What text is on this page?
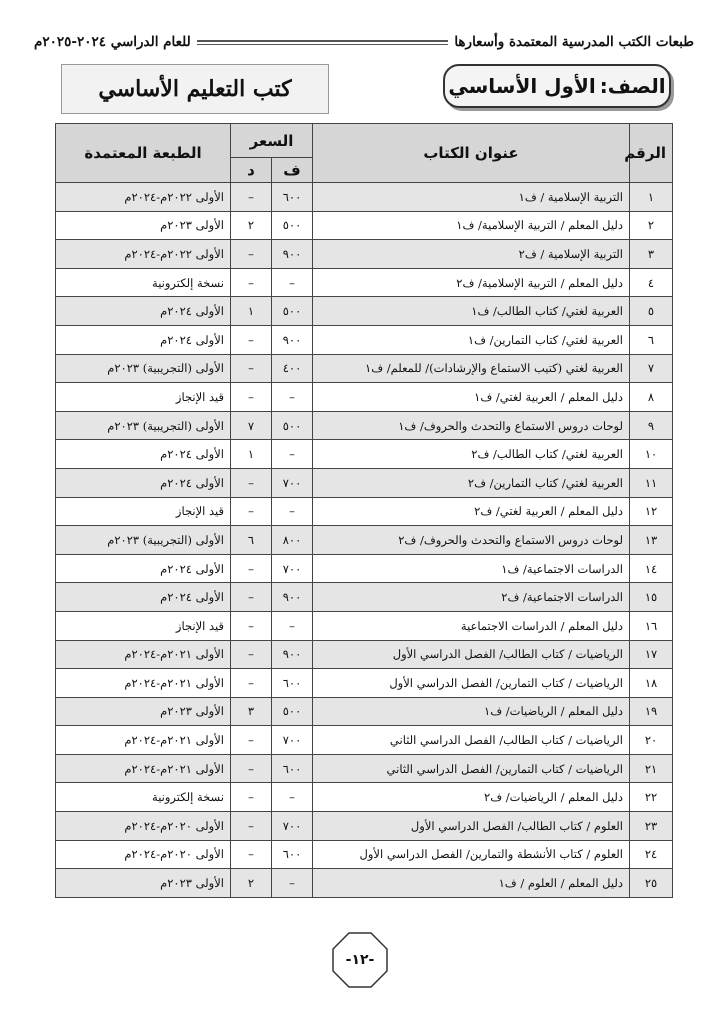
طبعات الكتب المدرسية المعتمدة وأسعارها
للعام الدراسي ٢٠٢٤-٢٠٢٥م
الصف:
الأول الأساسي
كتب التعليم الأساسي
الرقم	عنوان الكتاب	السعر		الطبعة المعتمدة
		ف	د	
١	التربية الإسلامية / ف١	٦٠٠	–	الأولى ٢٠٢٢م-٢٠٢٤م
٢	دليل المعلم / التربية الإسلامية/ ف١	٥٠٠	٢	الأولى ٢٠٢٣م
٣	التربية الإسلامية / ف٢	٩٠٠	–	الأولى ٢٠٢٢م-٢٠٢٤م
٤	دليل المعلم / التربية الإسلامية/ ف٢	–	–	نسخة إلكترونية
٥	العربية لغتي/ كتاب الطالب/ ف١	٥٠٠	١	الأولى ٢٠٢٤م
٦	العربية لغتي/ كتاب التمارين/ ف١	٩٠٠	–	الأولى ٢٠٢٤م
٧	العربية لغتي (كتيب الاستماع والإرشادات)/ للمعلم/ ف١	٤٠٠	–	الأولى (التجريبية) ٢٠٢٣م
٨	دليل المعلم / العربية لغتي/ ف١	–	–	قيد الإنجاز
٩	لوحات دروس الاستماع والتحدث والحروف/ ف١	٥٠٠	٧	الأولى (التجريبية) ٢٠٢٣م
١٠	العربية لغتي/ كتاب الطالب/ ف٢	–	١	الأولى ٢٠٢٤م
١١	العربية لغتي/ كتاب التمارين/ ف٢	٧٠٠	–	الأولى ٢٠٢٤م
١٢	دليل المعلم / العربية لغتي/ ف٢	–	–	قيد الإنجاز
١٣	لوحات دروس الاستماع والتحدث والحروف/ ف٢	٨٠٠	٦	الأولى (التجريبية) ٢٠٢٣م
١٤	الدراسات الاجتماعية/ ف١	٧٠٠	–	الأولى ٢٠٢٤م
١٥	الدراسات الاجتماعية/ ف٢	٩٠٠	–	الأولى ٢٠٢٤م
١٦	دليل المعلم / الدراسات الاجتماعية	–	–	قيد الإنجاز
١٧	الرياضيات / كتاب الطالب/ الفصل الدراسي الأول	٩٠٠	–	الأولى ٢٠٢١م-٢٠٢٤م
١٨	الرياضيات / كتاب التمارين/ الفصل الدراسي الأول	٦٠٠	–	الأولى ٢٠٢١م-٢٠٢٤م
١٩	دليل المعلم / الرياضيات/ ف١	٥٠٠	٣	الأولى ٢٠٢٣م
٢٠	الرياضيات / كتاب الطالب/ الفصل الدراسي الثاني	٧٠٠	–	الأولى ٢٠٢١م-٢٠٢٤م
٢١	الرياضيات / كتاب التمارين/ الفصل الدراسي الثاني	٦٠٠	–	الأولى ٢٠٢١م-٢٠٢٤م
٢٢	دليل المعلم / الرياضيات/ ف٢	–	–	نسخة إلكترونية
٢٣	العلوم / كتاب الطالب/ الفصل الدراسي الأول	٧٠٠	–	الأولى ٢٠٢٠م-٢٠٢٤م
٢٤	العلوم / كتاب الأنشطة والتمارين/ الفصل الدراسي الأول	٦٠٠	–	الأولى ٢٠٢٠م-٢٠٢٤م
٢٥	دليل المعلم / العلوم / ف١	–	٢	الأولى ٢٠٢٣م
-١٢-
